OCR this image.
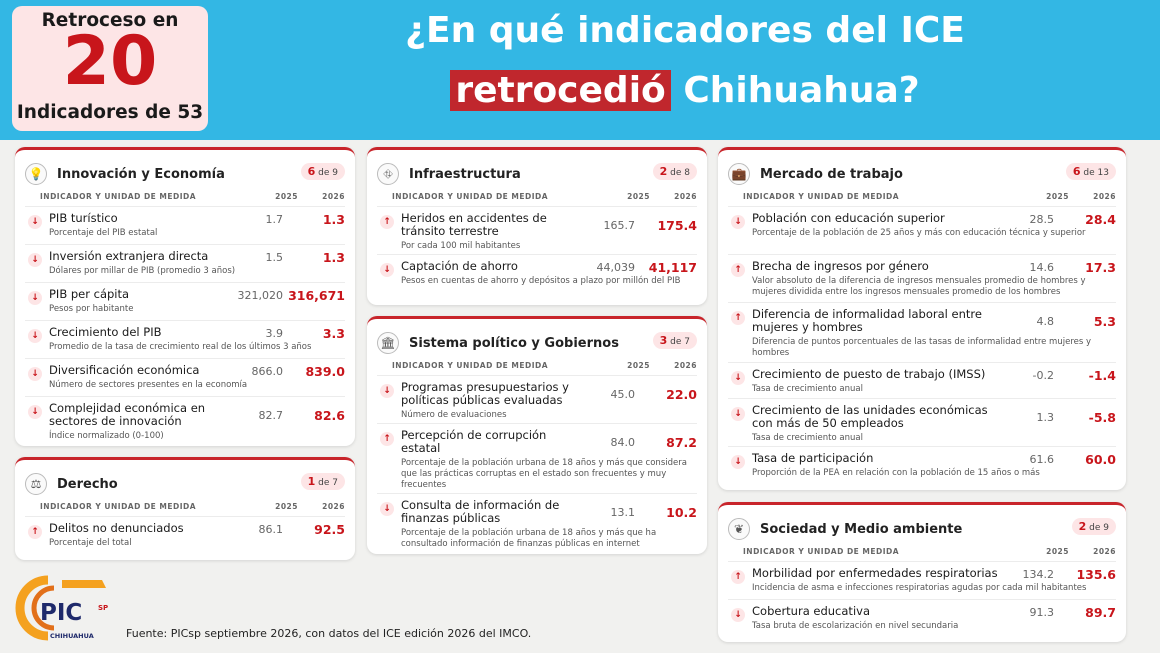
Retroceso en
20
Indicadores de 53
¿En qué indicadores del ICE
retrocedió Chihuahua?
💡 Innovación y Economía	6 de 9
INDICADOR Y UNIDAD DE MEDIDA	2025	2026
↓ PIB turístico	1.7	1.3
Porcentaje del PIB estatal
↓ Inversión extranjera directa	1.5	1.3
Dólares por millar de PIB (promedio 3 años)
↓ PIB per cápita	321,020 316,671
Pesos por habitante
↓ Crecimiento del PIB	3.9	3.3
Promedio de la tasa de crecimiento real de los últimos 3 años
↓ Diversificación económica	866.0 839.0
Número de sectores presentes en la economía
↓ Complejidad económica en sectores de innovación	82.7 82.6
Índice normalizado (0-100)
⚖	Derecho	1 de 7
INDICADOR Y UNIDAD DE MEDIDA	2025	2026
↑ Delitos no denunciados	86.1 92.5
Porcentaje del total
⛗	Infraestructura	2 de 8
INDICADOR Y UNIDAD DE MEDIDA	2025	2026
↑ Heridos en accidentes de tránsito terrestre	165.7 175.4
Por cada 100 mil habitantes
↓ Captación de ahorro	44,039 41,117
Pesos en cuentas de ahorro y depósitos a plazo por millón del PIB
🏛 Sistema político y Gobiernos	3 de 7
INDICADOR Y UNIDAD DE MEDIDA	2025	2026
↓ Programas presupuestarios y políticas públicas evaluadas	45.0 22.0
Número de evaluaciones
↑ Percepción de corrupción estatal	84.0 87.2
Porcentaje de la población urbana de 18 años y más que considera que las prácticas corruptas en el estado son frecuentes y muy frecuentes
↓ Consulta de información de finanzas públicas	13.1 10.2
Porcentaje de la población urbana de 18 años y más que ha consultado información de finanzas públicas en internet
💼 Mercado de trabajo	6 de 13
INDICADOR Y UNIDAD DE MEDIDA	2025	2026
↓ Población con educación superior	28.5 28.4
Porcentaje de la población de 25 años y más con educación técnica y superior
↑ Brecha de ingresos por género	14.6 17.3
Valor absoluto de la diferencia de ingresos mensuales promedio de hombres y mujeres dividida entre los ingresos mensuales promedio de los hombres
↑ Diferencia de informalidad laboral entre mujeres y hombres	4.8	5.3
Diferencia de puntos porcentuales de las tasas de informalidad entre mujeres y hombres
↓ Crecimiento de puesto de trabajo (IMSS)	-0.2	-1.4
Tasa de crecimiento anual
↓ Crecimiento de las unidades económicas con más de 50 empleados	1.3	-5.8
Tasa de crecimiento anual
↓ Tasa de participación	61.6 60.0
Proporción de la PEA en relación con la población de 15 años o más
❦	Sociedad y Medio ambiente	2 de 9
INDICADOR Y UNIDAD DE MEDIDA	2025	2026
↑ Morbilidad por enfermedades respiratorias	134.2 135.6
Incidencia de asma e infecciones respiratorias agudas por cada mil habitantes
↓ Cobertura educativa	91.3 89.7
Tasa bruta de escolarización en nivel secundaria
PIC SP
CHIHUAHUA	Fuente: PICsp septiembre 2026, con datos del ICE edición 2026 del IMCO.
